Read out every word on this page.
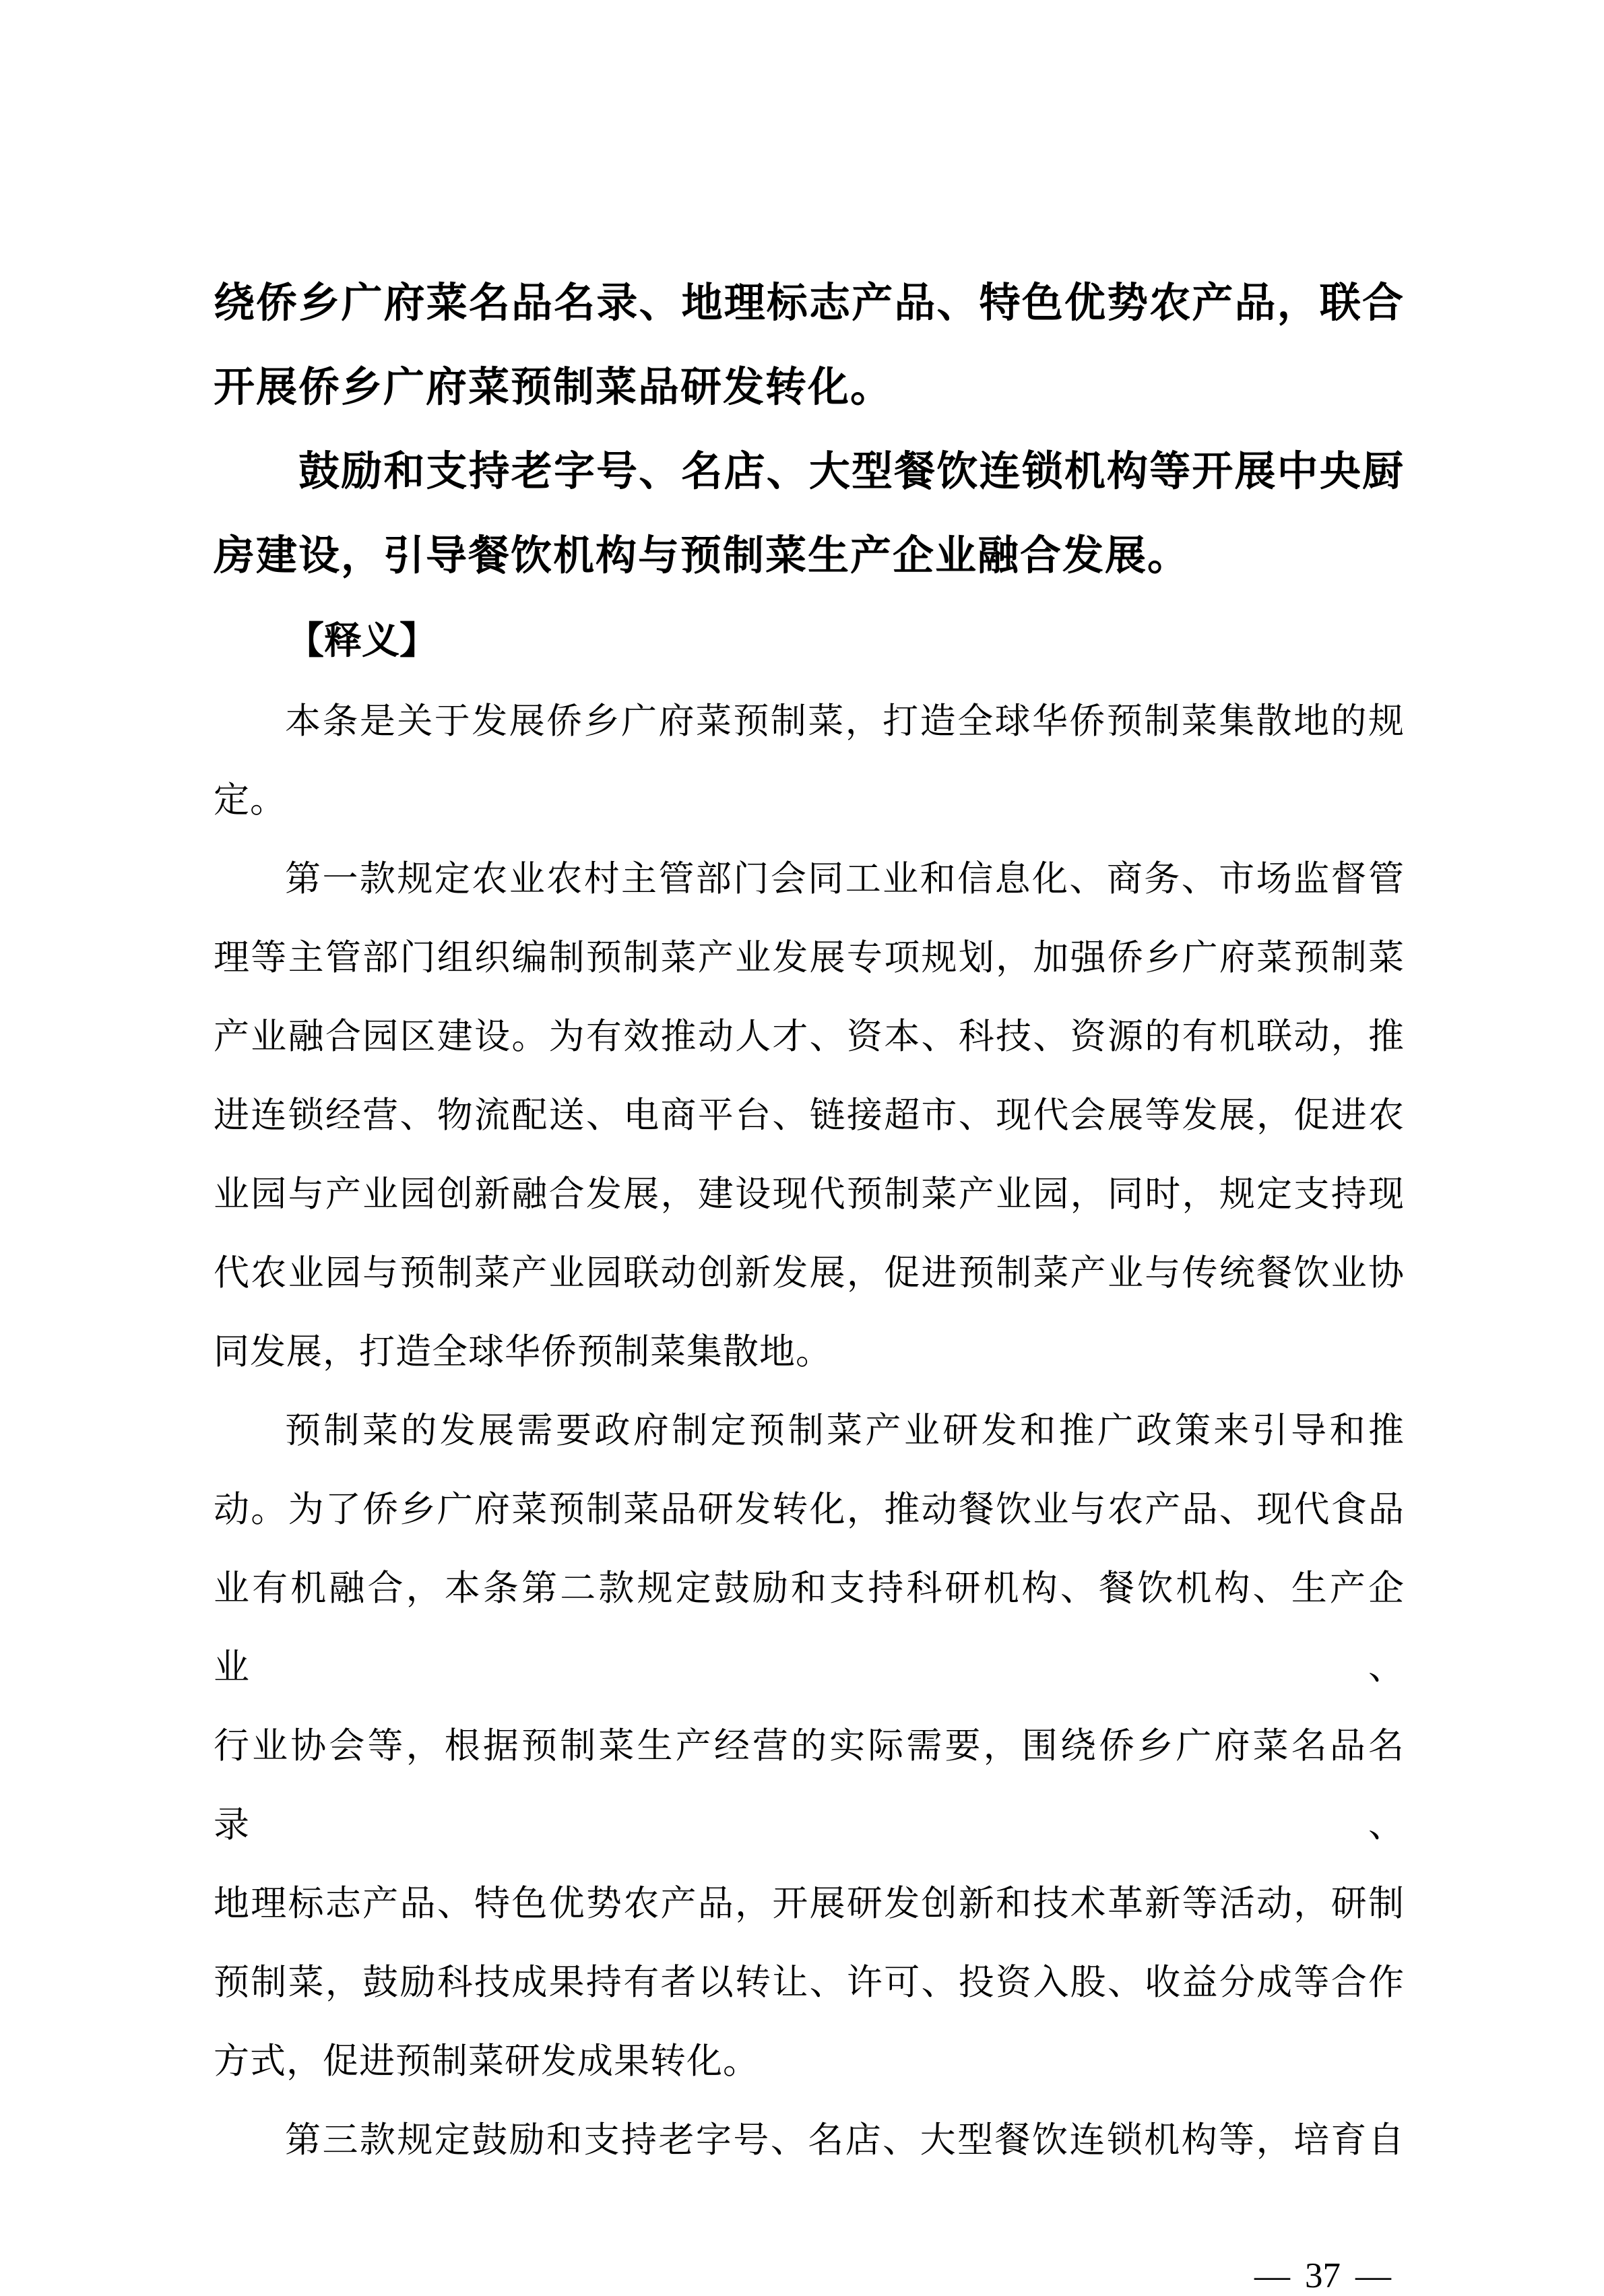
绕侨乡广府菜名品名录、地理标志产品、特色优势农产品，联合
开展侨乡广府菜预制菜品研发转化。
鼓励和支持老字号、名店、大型餐饮连锁机构等开展中央厨
房建设，引导餐饮机构与预制菜生产企业融合发展。
【释义】
本条是关于发展侨乡广府菜预制菜，打造全球华侨预制菜集散地的规
定。
第一款规定农业农村主管部门会同工业和信息化、商务、市场监督管
理等主管部门组织编制预制菜产业发展专项规划，加强侨乡广府菜预制菜
产业融合园区建设。为有效推动人才、资本、科技、资源的有机联动，推
进连锁经营、物流配送、电商平台、链接超市、现代会展等发展，促进农
业园与产业园创新融合发展，建设现代预制菜产业园，同时，规定支持现
代农业园与预制菜产业园联动创新发展，促进预制菜产业与传统餐饮业协
同发展，打造全球华侨预制菜集散地。
预制菜的发展需要政府制定预制菜产业研发和推广政策来引导和推
动。为了侨乡广府菜预制菜品研发转化，推动餐饮业与农产品、现代食品
业有机融合，本条第二款规定鼓励和支持科研机构、餐饮机构、生产企业、
行业协会等，根据预制菜生产经营的实际需要，围绕侨乡广府菜名品名录、
地理标志产品、特色优势农产品，开展研发创新和技术革新等活动，研制
预制菜，鼓励科技成果持有者以转让、许可、投资入股、收益分成等合作
方式，促进预制菜研发成果转化。
第三款规定鼓励和支持老字号、名店、大型餐饮连锁机构等，培育自
— 37 —
